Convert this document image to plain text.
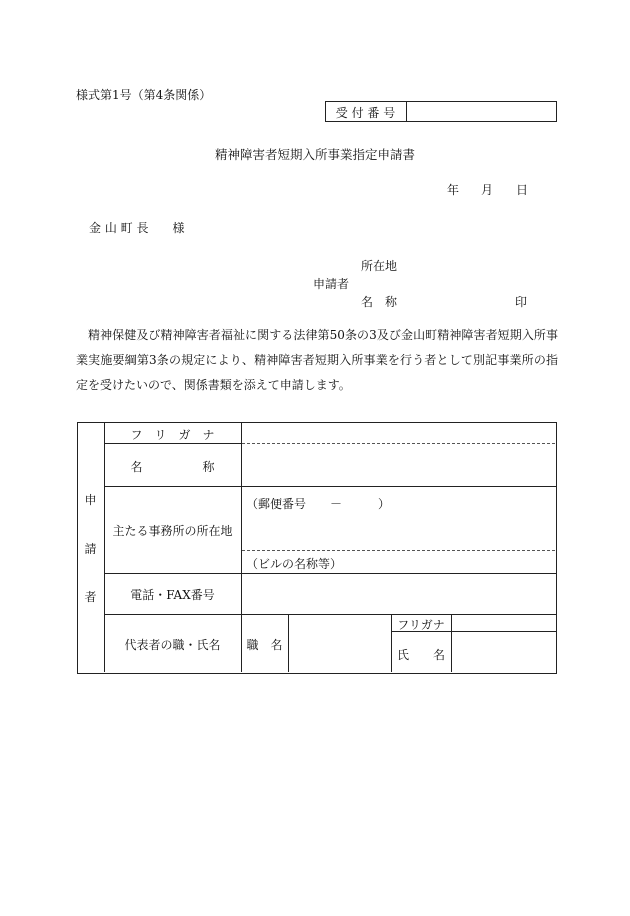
様式第1号（第4条関係）
受 付 番 号
精神障害者短期入所事業指定申請書
年 月 日
金 山 町 長　　様
所在地
申請者
名　称	印
精神保健及び精神障害者福祉に関する法律第50条の3及び金山町精神障害者短期入所事業実施要綱第3条の規定により、精神障害者短期入所事業を行う者として別記事業所の指定を受けたいので、関係書類を添えて申請します。
申
請
者
フ　リ　ガ　ナ
名　　　　　称
主たる事務所の所在地
電話・FAX番号
代表者の職・氏名
（郵便番号　　－　　　）
（ビルの名称等）
職　名
フリガナ
氏　　名
